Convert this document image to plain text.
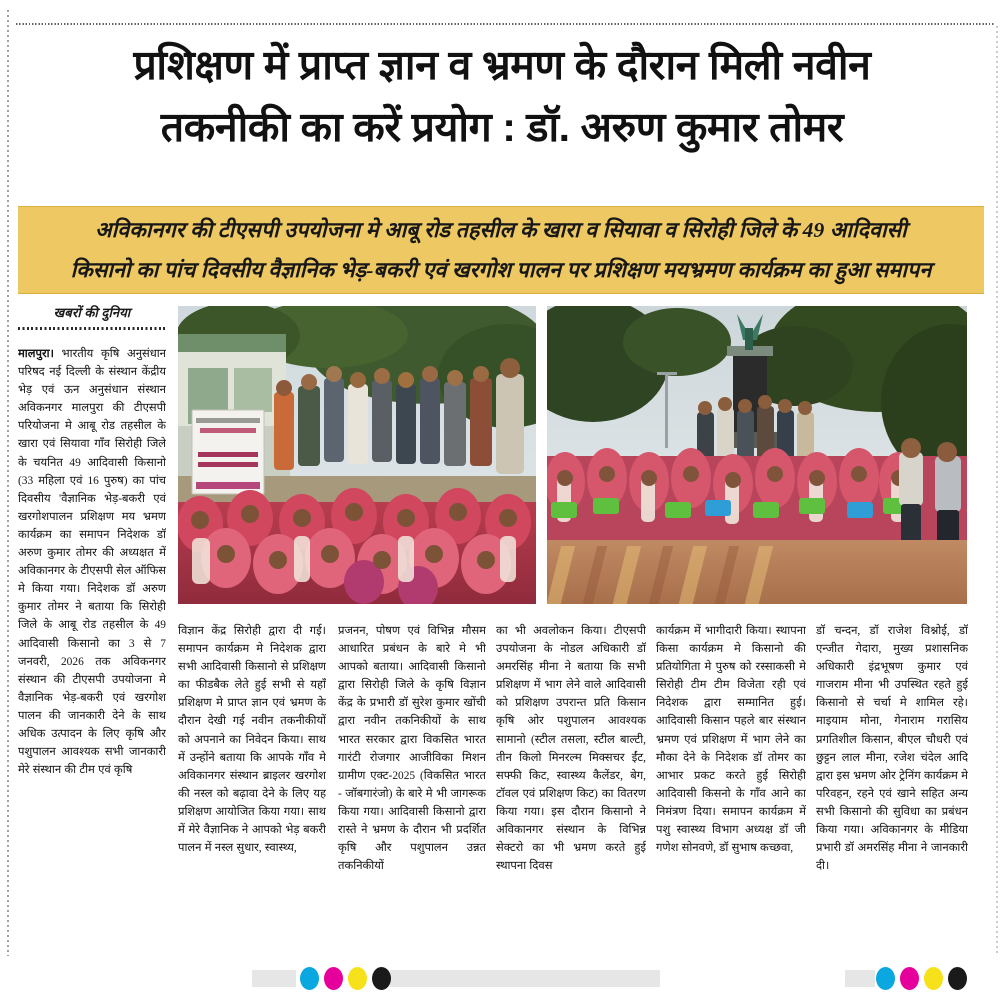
प्रशिक्षण में प्राप्त ज्ञान व भ्रमण के दौरान मिली नवीन
तकनीकी का करें प्रयोग : डॉ. अरुण कुमार तोमर
अविकानगर की टीएसपी उपयोजना मे आबू रोड तहसील के खारा व सियावा व सिरोही जिले के 49 आदिवासी
किसानो का पांच दिवसीय वैज्ञानिक भेड़-बकरी एवं खरगोश पालन पर प्रशिक्षण मयभ्रमण कार्यक्रम का हुआ समापन
खबरों की दुनिया
मालपुरा। भारतीय कृषि अनुसंधान परिषद नई दिल्ली के संस्थान केंद्रीय भेड़ एवं ऊन अनुसंधान संस्थान अविकनगर मालपुरा की टीएसपी परियोजना मे आबू रोड तहसील के खारा एवं सियावा गाँव सिरोही जिले के चयनित 49 आदिवासी किसानो (33 महिला एवं 16 पुरुष) का पांच दिवसीय 'वैज्ञानिक भेड़-बकरी एवं खरगोशपालन प्रशिक्षण मय भ्रमण कार्यक्रम का समापन निदेशक डॉ अरुण कुमार तोमर की अध्यक्षत में अविकानगर के टीएसपी सेल ऑफिस मे किया गया। निदेशक डॉ अरुण कुमार तोमर ने बताया कि सिरोही जिले के आबू रोड तहसील के 49 आदिवासी किसानो का 3 से 7 जनवरी, 2026 तक अविकनगर संस्थान की टीएसपी उपयोजना मे वैज्ञानिक भेड़-बकरी एवं खरगोश पालन की जानकारी देने के साथ अधिक उत्पादन के लिए कृषि और पशुपालन आवश्यक सभी जानकारी मेरे संस्थान की टीम एवं कृषि
विज्ञान केंद्र सिरोही द्वारा दी गई। समापन कार्यक्रम मे निदेशक द्वारा सभी आदिवासी किसानो से प्रशिक्षण का फीडबैक लेते हुई सभी से यहाँ प्रशिक्षण मे प्राप्त ज्ञान एवं भ्रमण के दौरान देखी गई नवीन तकनीकीयों को अपनाने का निवेदन किया। साथ में उन्होंने बताया कि आपके गाँव मे अविकानगर संस्थान ब्राइलर खरगोश की नस्ल को बढ़ावा देने के लिए यह प्रशिक्षण आयोजित किया गया। साथ में मेरे वैज्ञानिक ने आपको भेड़ बकरी पालन में नस्ल सुधार, स्वास्थ्य,
प्रजनन, पोषण एवं विभिन्न मौसम आधारित प्रबंधन के बारे मे भी आपको बताया। आदिवासी किसानो द्वारा सिरोही जिले के कृषि विज्ञान केंद्र के प्रभारी डॉ सुरेश कुमार खोंची द्वारा नवीन तकनिकीयों के साथ भारत सरकार द्वारा विकसित भारत गारंटी रोजगार आजीविका मिशन ग्रामीण एक्ट-2025 (विकसित भारत - जॉबगारंजो) के बारे मे भी जागरूक किया गया। आदिवासी किसानो द्वारा रास्ते ने भ्रमण के दौरान भी प्रदर्शित कृषि और पशुपालन उन्नत तकनिकीयों
का भी अवलोकन किया। टीएसपी उपयोजना के नोडल अधिकारी डॉ अमरसिंह मीना ने बताया कि सभी प्रशिक्षण में भाग लेने वाले आदिवासी को प्रशिक्षण उपरान्त प्रति किसान कृषि ओर पशुपालन आवश्यक सामानो (स्टील तसला, स्टील बाल्टी, तीन किलो मिनरल्म मिक्सचर ईंट, सफ्फी किट, स्वास्थ्य कैलेंडर, बेग, टॉवल एवं प्रशिक्षण किट) का वितरण किया गया। इस दौरान किसानो ने अविकानगर संस्थान के विभिन्न सेक्टरो का भी भ्रमण करते हुई स्थापना दिवस
कार्यक्रम में भागीदारी किया। स्थापना किसा कार्यक्रम मे किसानो की प्रतियोगिता मे पुरुष को रस्साकसी मे सिरोही टीम टीम विजेता रही एवं निदेशक द्वारा सम्मानित हुई। आदिवासी किसान पहले बार संस्थान भ्रमण एवं प्रशिक्षण में भाग लेने का मौका देने के निदेशक डॉ तोमर का आभार प्रकट करते हुई सिरोही आदिवासी किसनो के गाँव आने का निमंत्रण दिया। समापन कार्यक्रम में पशु स्वास्थ्य विभाग अध्यक्ष डॉ जी गणेश सोनवणे, डॉ सुभाष कच्छवा,
डॉ चन्दन, डॉ राजेश विश्नोई, डॉ एन्जीत गेदारा, मुख्य प्रशासनिक अधिकारी इंद्रभूषण कुमार एवं गाजराम मीना भी उपस्थित रहते हुई किसानो से चर्चा मे शामिल रहे। माइयाम मोना, गेनाराम गरासिय प्रगतिशील किसान, बीएल चौधरी एवं छुट्टन लाल मीना, रजेश चंदेल आदि द्वारा इस भ्रमण ओर ट्रेनिंग कार्यक्रम मे परिवहन, रहने एवं खाने सहित अन्य सभी किसानो की सुविधा का प्रबंधन किया गया। अविकानगर के मीडिया प्रभारी डॉ अमरसिंह मीना ने जानकारी दी।
